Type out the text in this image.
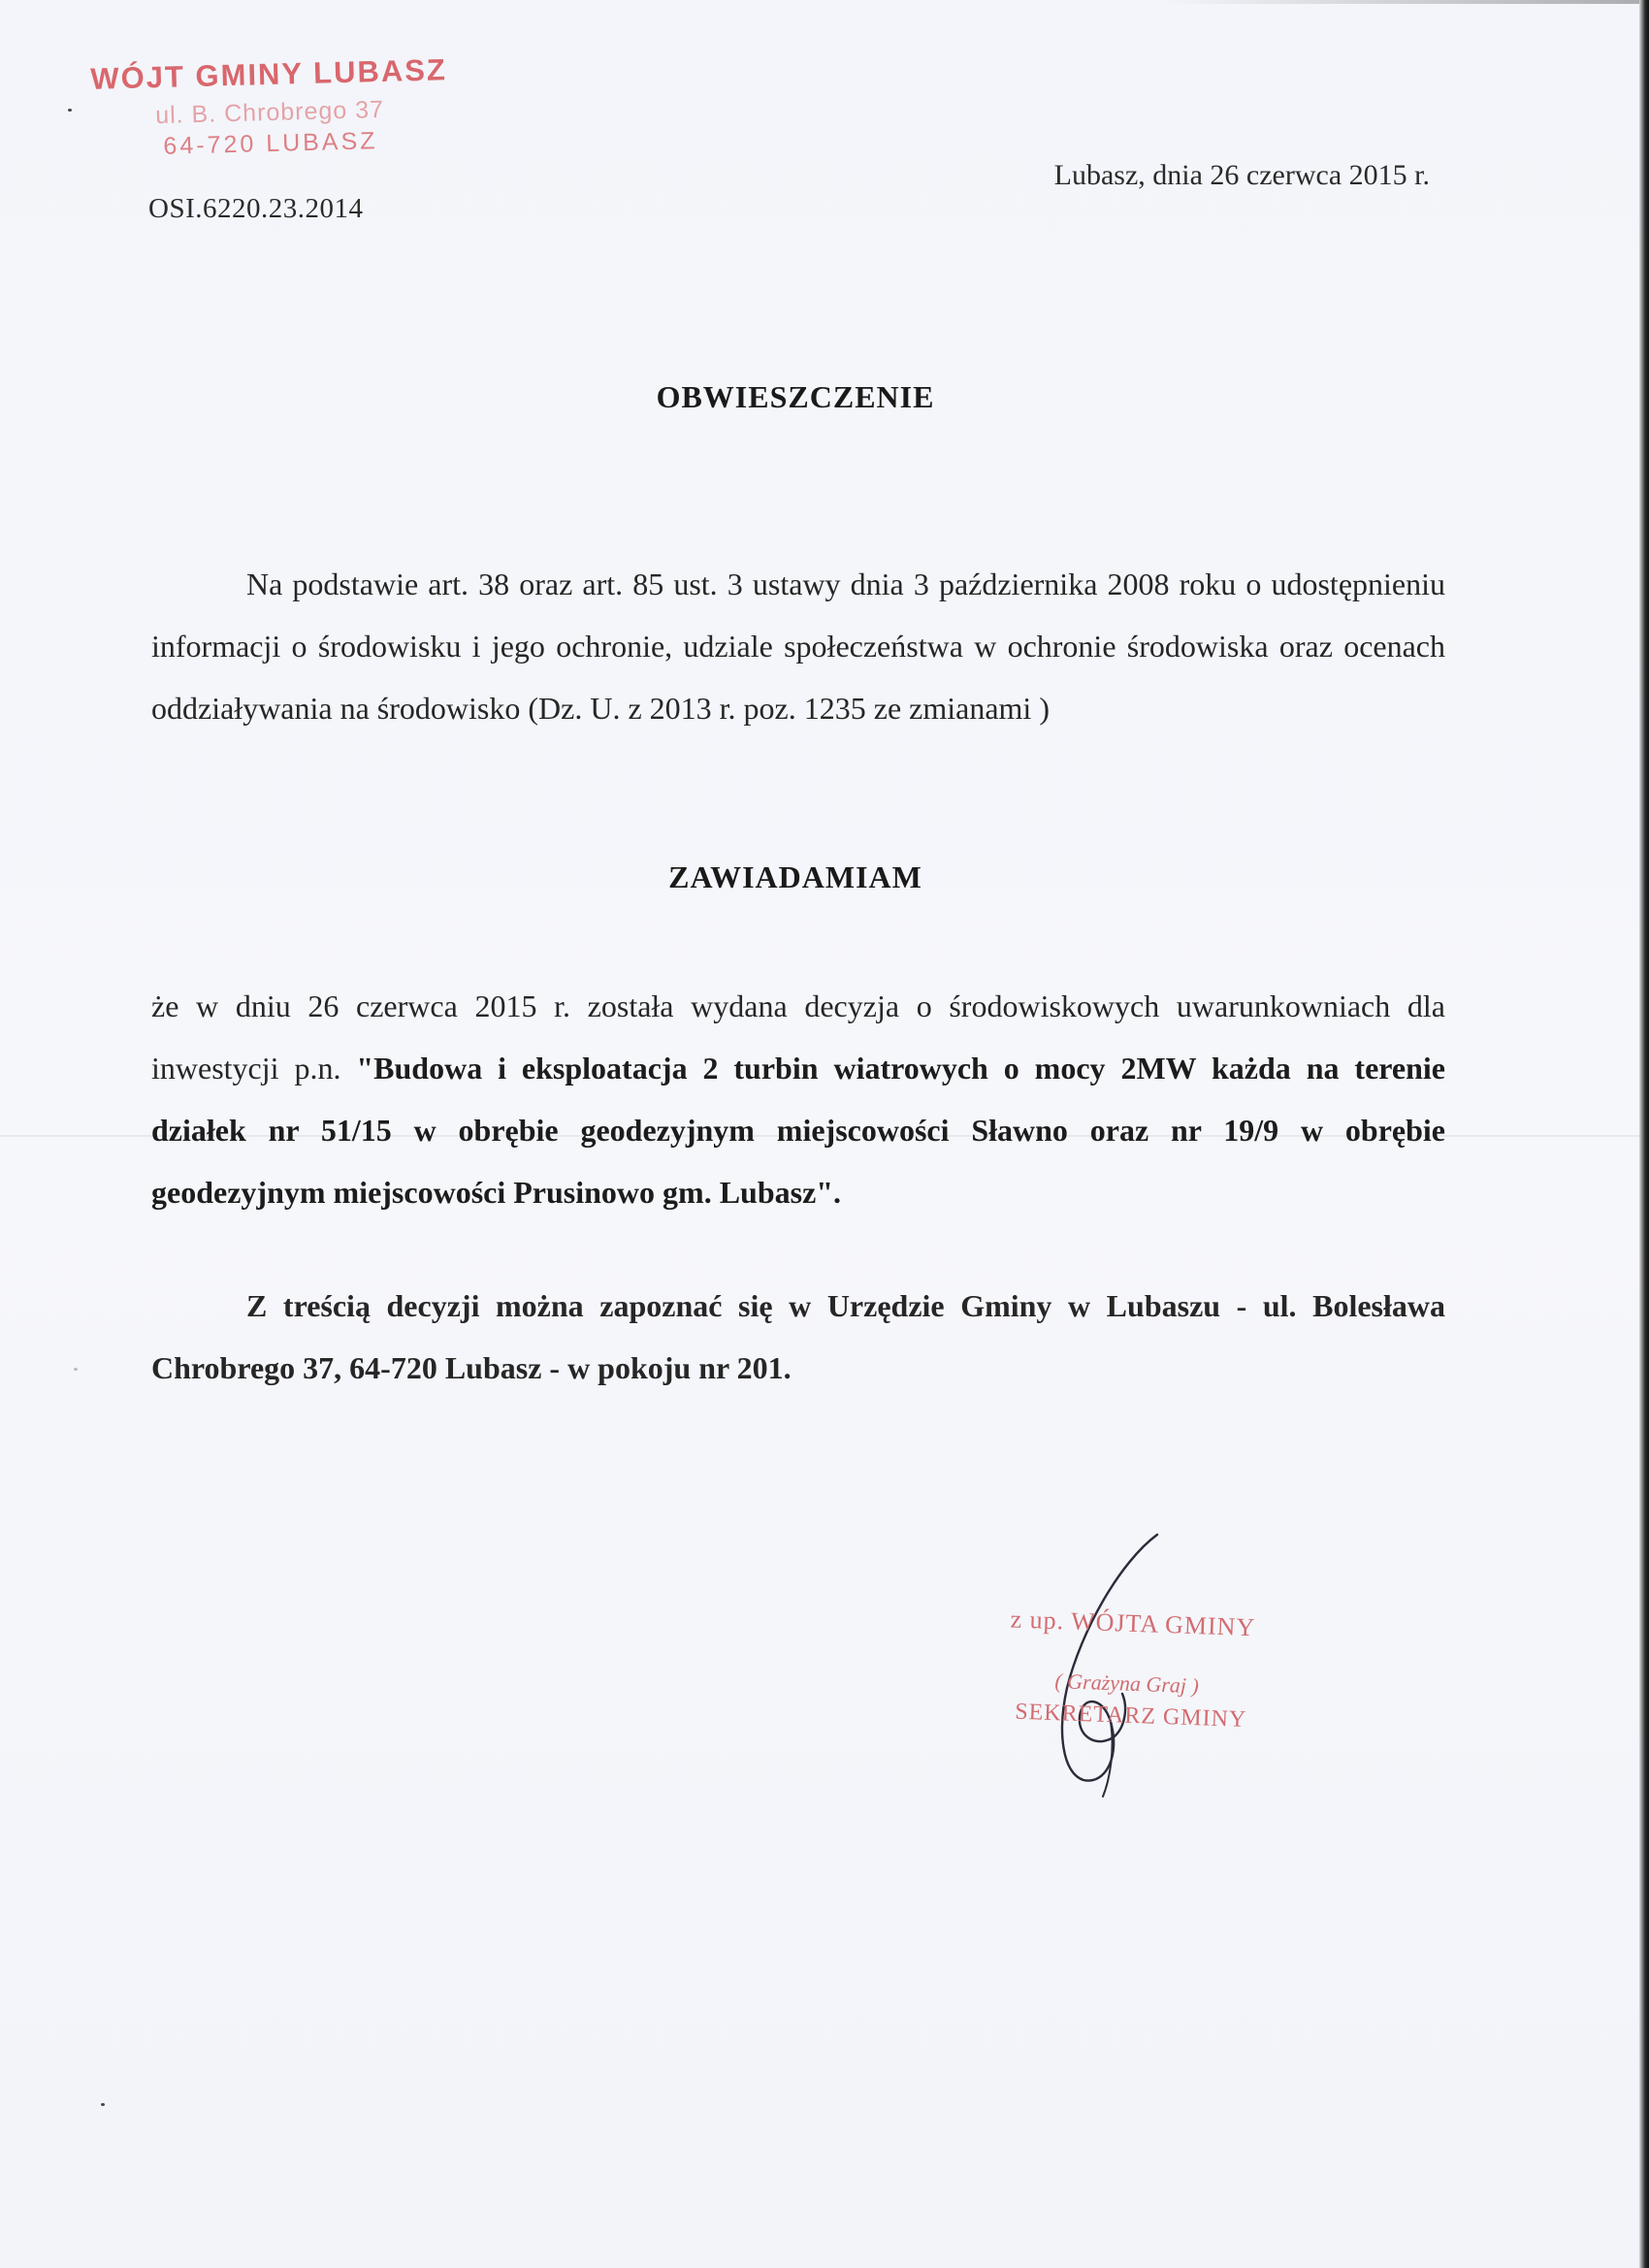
WÓJT GMINY LUBASZ
ul. B. Chrobrego 37
64-720 LUBASZ
OSI.6220.23.2014
Lubasz, dnia 26 czerwca 2015 r.
OBWIESZCZENIE
Na podstawie art. 38 oraz art. 85 ust. 3 ustawy dnia 3 października 2008 roku o udostępnieniu informacji o środowisku i jego ochronie, udziale społeczeństwa w ochronie środowiska oraz ocenach oddziaływania na środowisko (Dz. U. z 2013 r. poz. 1235 ze zmianami )
ZAWIADAMIAM
że w dniu 26 czerwca 2015 r. została wydana decyzja o środowiskowych uwarunkowniach dla inwestycji p.n. "Budowa i eksploatacja 2 turbin wiatrowych o mocy 2MW każda na terenie działek nr 51/15 w obrębie geodezyjnym miejscowości Sławno oraz nr 19/9 w obrębie geodezyjnym miejscowości Prusinowo gm. Lubasz".
Z treścią decyzji można zapoznać się w Urzędzie Gminy w Lubaszu - ul. Bolesława Chrobrego 37, 64-720 Lubasz - w pokoju nr 201.
z up. WÓJTA GMINY
( Grażyna Graj )
SEKRETARZ GMINY
